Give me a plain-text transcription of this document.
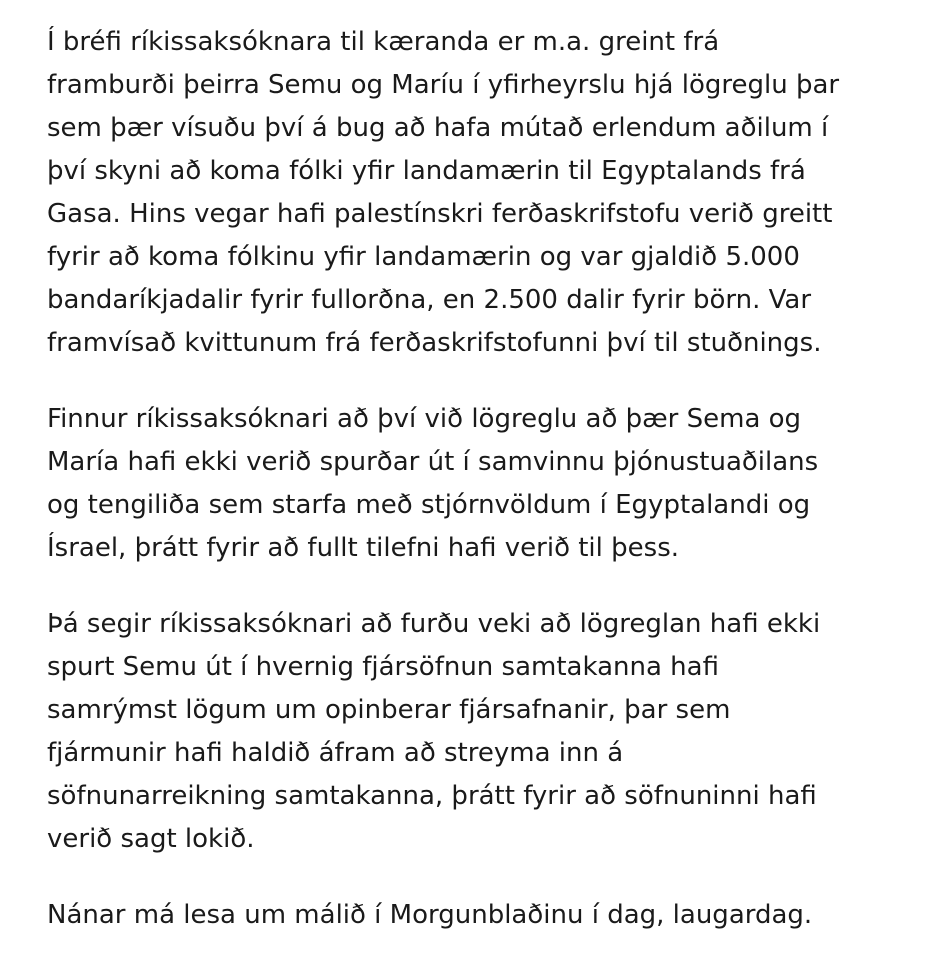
Í bréfi ríkissaksóknara til kæranda er m.a. greint frá
framburði þeirra Semu og Maríu í yfirheyrslu hjá lögreglu þar
sem þær vísuðu því á bug að hafa mútað erlendum aðilum í
því skyni að koma fólki yfir landamærin til Egyptalands frá
Gasa. Hins vegar hafi palestínskri ferðaskrifstofu verið greitt
fyrir að koma fólkinu yfir landamærin og var gjaldið 5.000
bandaríkjadalir fyrir fullorðna, en 2.500 dalir fyrir börn. Var
framvísað kvittunum frá ferðaskrifstofunni því til stuðnings.

Finnur ríkissaksóknari að því við lögreglu að þær Sema og
María hafi ekki verið spurðar út í samvinnu þjónustuaðilans
og tengiliða sem starfa með stjórnvöldum í Egyptalandi og
Ísrael, þrátt fyrir að fullt tilefni hafi verið til þess.

Þá segir ríkissaksóknari að furðu veki að lögreglan hafi ekki
spurt Semu út í hvernig fjársöfnun samtakanna hafi
samrýmst lögum um opinberar fjársafnanir, þar sem
fjármunir hafi haldið áfram að streyma inn á
söfnunarreikning samtakanna, þrátt fyrir að söfnuninni hafi
verið sagt lokið.

Nánar má lesa um málið í Morgunblaðinu í dag, laugardag.
